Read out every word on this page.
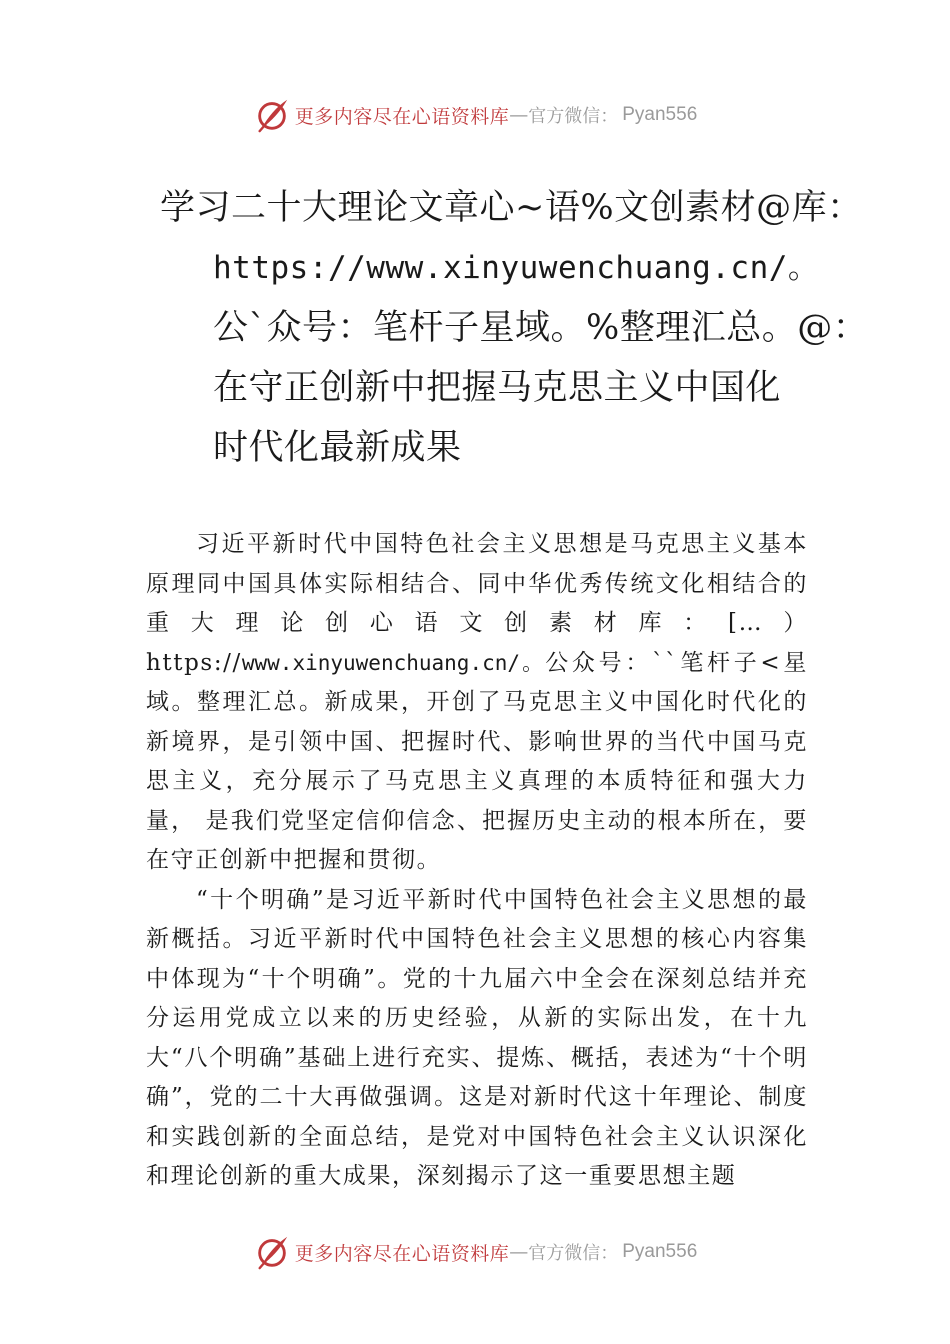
更多内容尽在心语资料库 — 官方微信： Pyan556
学习二十大理论文章心~语%文创素材@库：
https://www.xinyuwenchuang.cn/。
公`众号：笔杆子星域。%整理汇总。@：
在守正创新中把握马克思主义中国化
时代化最新成果

习近平新时代中国特色社会主义思想是马克思主义基本原理同中国具体实际相结合、同中华优秀传统文化相结合的重大理论创心语文创素材库：[…）https://www.xinyuwenchuang.cn/。公众号：``笔杆子<星域。整理汇总。新成果，开创了马克思主义中国化时代化的新境界，是引领中国、把握时代、影响世界的当代中国马克思主义，充分展示了马克思主义真理的本质特征和强大力量， 是我们党坚定信仰信念、把握历史主动的根本所在，要在守正创新中把握和贯彻。

“十个明确”是习近平新时代中国特色社会主义思想的最新概括。习近平新时代中国特色社会主义思想的核心内容集中体现为“十个明确”。党的十九届六中全会在深刻总结并充分运用党成立以来的历史经验，从新的实际出发，在十九大“八个明确”基础上进行充实、提炼、概括，表述为“十个明确”，党的二十大再做强调。这是对新时代这十年理论、制度和实践创新的全面总结，是党对中国特色社会主义认识深化和理论创新的重大成果，深刻揭示了这一重要思想主题

更多内容尽在心语资料库 — 官方微信： Pyan556
